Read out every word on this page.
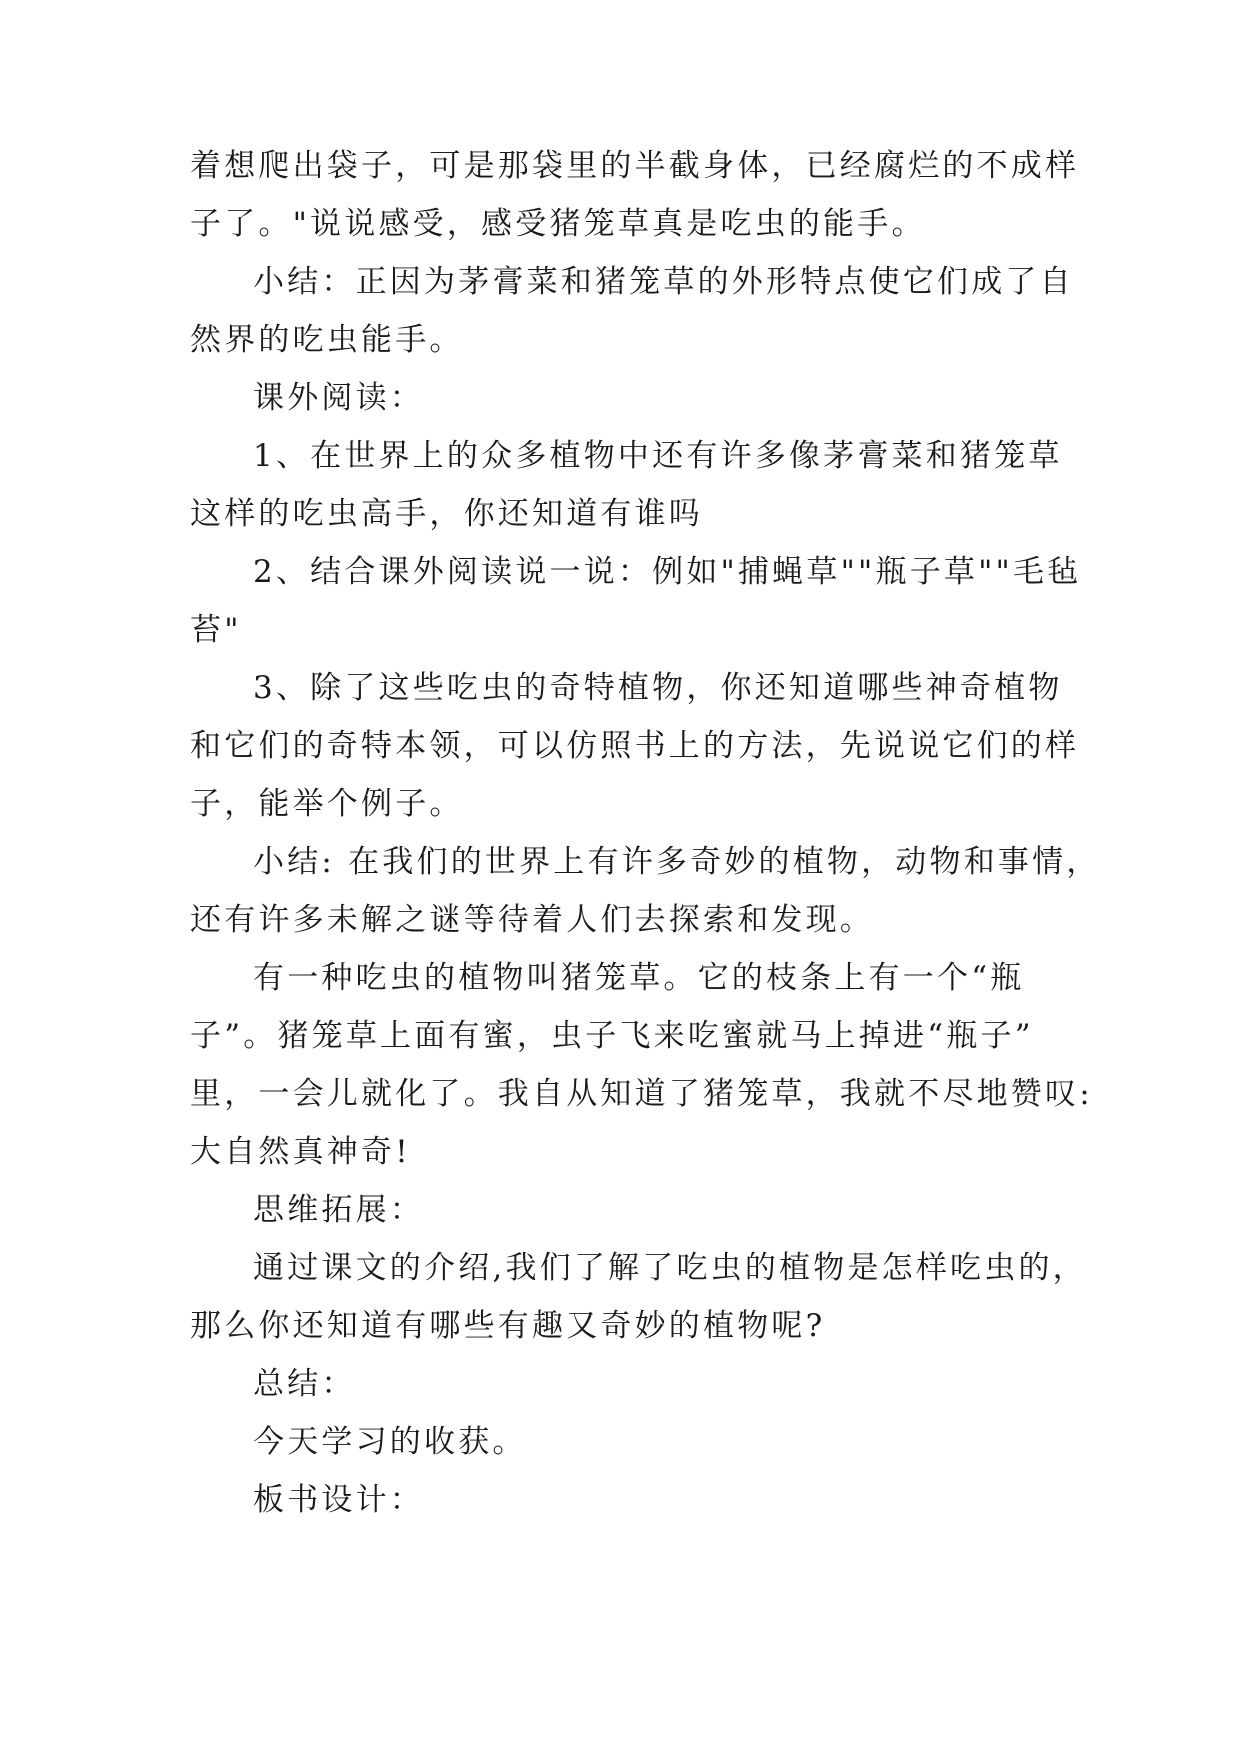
着想爬出袋子，可是那袋里的半截身体，已经腐烂的不成样
子了。"说说感受，感受猪笼草真是吃虫的能手。
小结：正因为茅膏菜和猪笼草的外形特点使它们成了自
然界的吃虫能手。
课外阅读：
1、在世界上的众多植物中还有许多像茅膏菜和猪笼草
这样的吃虫高手，你还知道有谁吗
2、结合课外阅读说一说：例如"捕蝇草""瓶子草""毛毡
苔"
3、除了这些吃虫的奇特植物，你还知道哪些神奇植物
和它们的奇特本领，可以仿照书上的方法，先说说它们的样
子，能举个例子。
小结: 在我们的世界上有许多奇妙的植物，动物和事情，
还有许多未解之谜等待着人们去探索和发现。
有一种吃虫的植物叫猪笼草。它的枝条上有一个“瓶
子”。猪笼草上面有蜜，虫子飞来吃蜜就马上掉进“瓶子”
里，一会儿就化了。我自从知道了猪笼草，我就不尽地赞叹:
大自然真神奇!
思维拓展：
通过课文的介绍,我们了解了吃虫的植物是怎样吃虫的，
那么你还知道有哪些有趣又奇妙的植物呢?
总结：
今天学习的收获。
板书设计：
